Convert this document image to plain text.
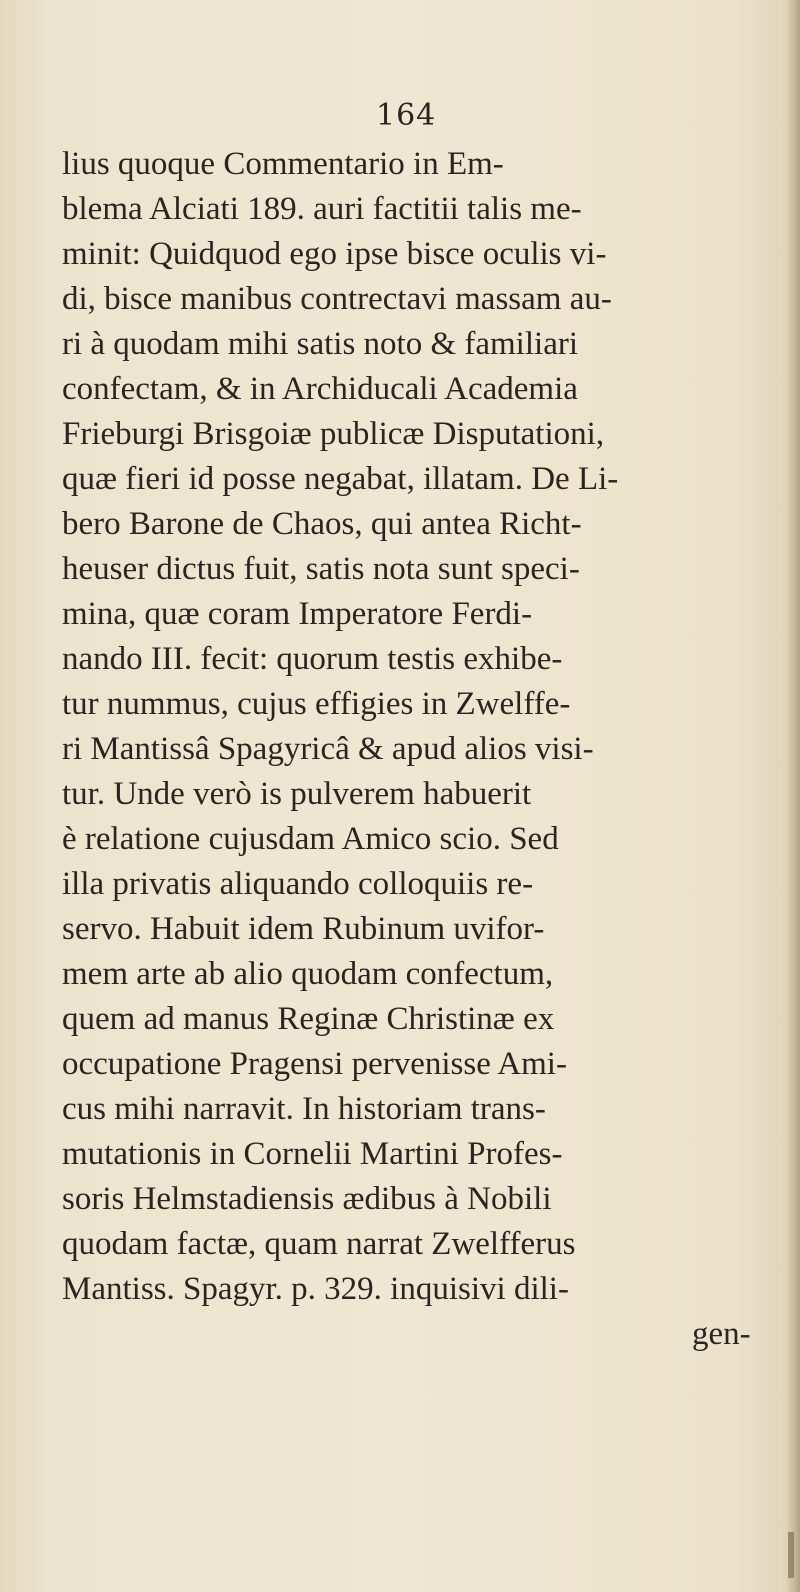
164
lius quoque Commentario in Em-
blema Alciati 189. auri factitii talis me-
minit: Quidquod ego ipse bisce oculis vi-
di, bisce manibus contrectavi massam au-
ri à quodam mihi satis noto & familiari
confectam, & in Archiducali Academia
Frieburgi Brisgoiæ publicæ Disputationi,
quæ fieri id posse negabat, illatam. De Li-
bero Barone de Chaos, qui antea Richt-
heuser dictus fuit, satis nota sunt speci-
mina, quæ coram Imperatore Ferdi-
nando III. fecit: quorum testis exhibe-
tur nummus, cujus effigies in Zwelffe-
ri Mantissâ Spagyricâ & apud alios visi-
tur. Unde verò is pulverem habuerit
è relatione cujusdam Amico scio. Sed
illa privatis aliquando colloquiis re-
servo. Habuit idem Rubinum uvifor-
mem arte ab alio quodam confectum,
quem ad manus Reginæ Christinæ ex
occupatione Pragensi pervenisse Ami-
cus mihi narravit. In historiam trans-
mutationis in Cornelii Martini Profes-
soris Helmstadiensis ædibus à Nobili
quodam factæ, quam narrat Zwelfferus
Mantiss. Spagyr. p. 329. inquisivi dili-
gen-
